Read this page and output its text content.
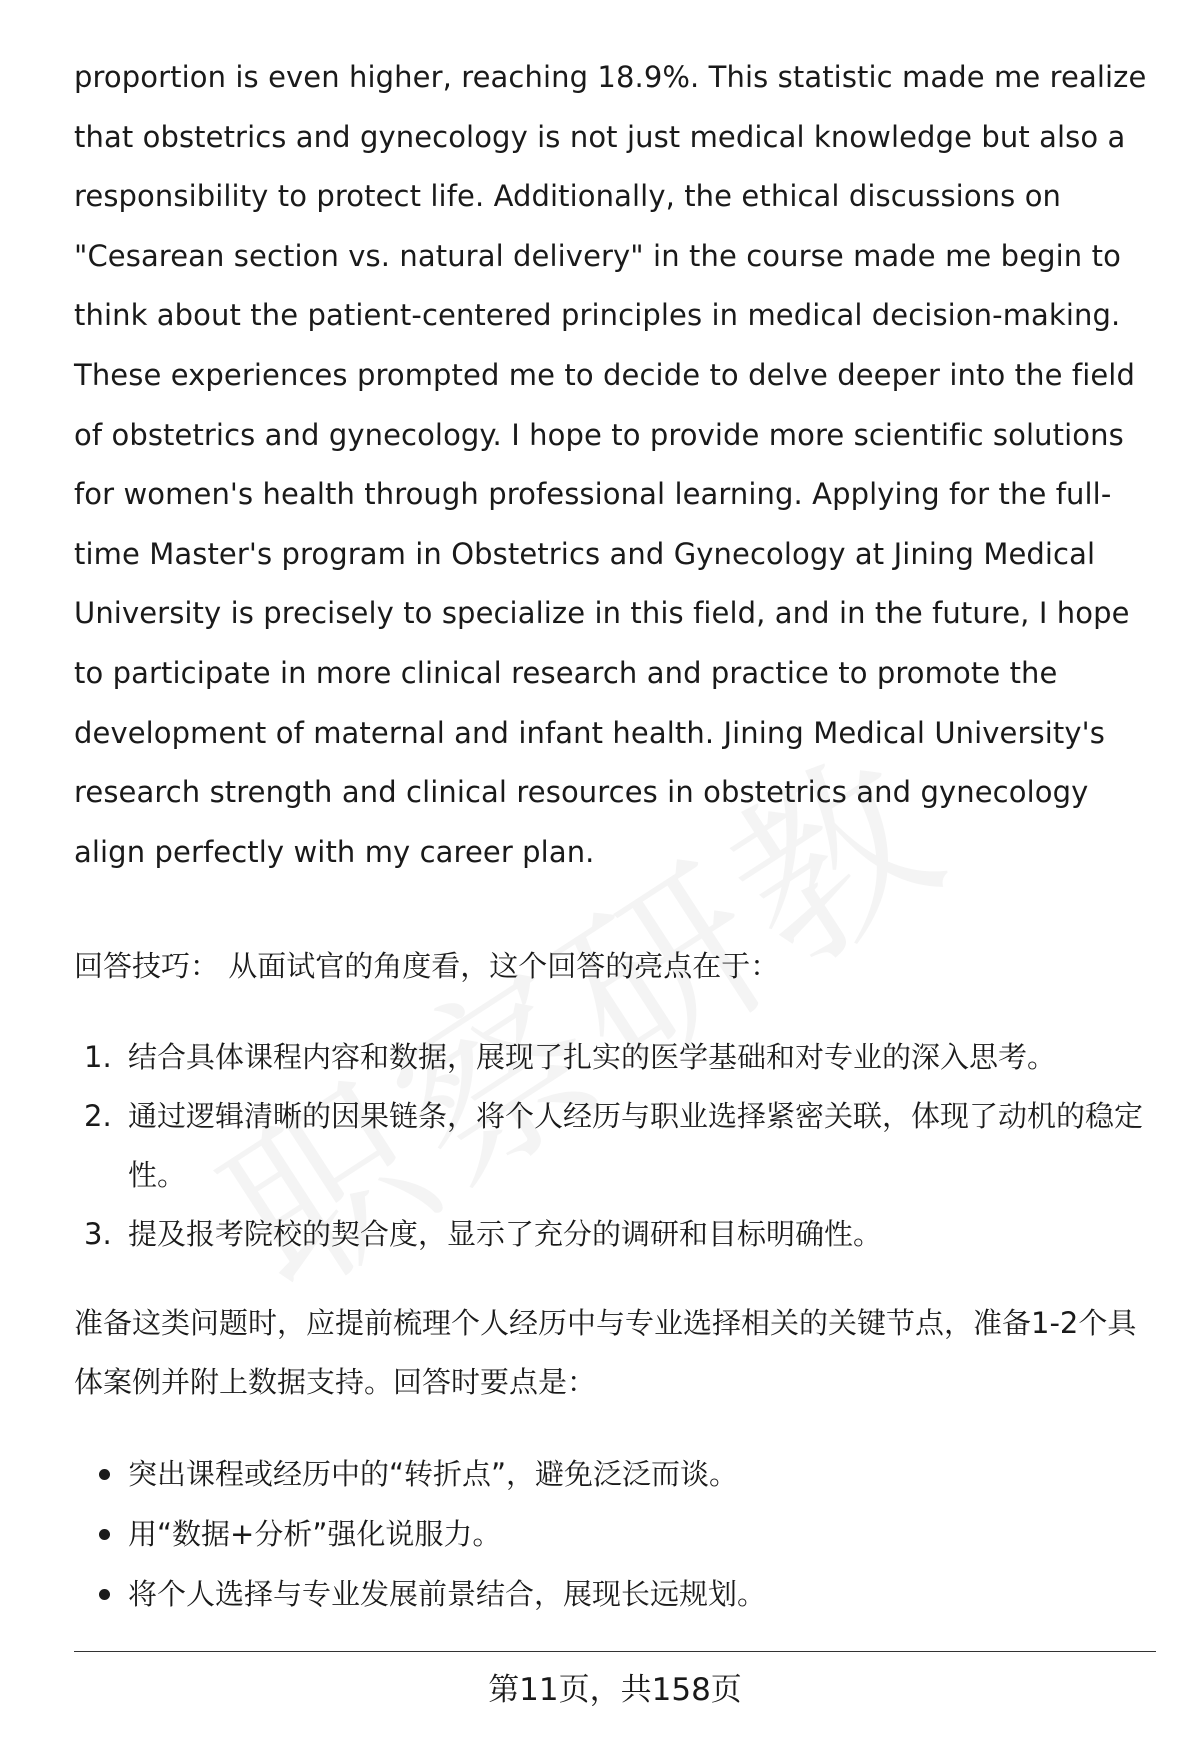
proportion is even higher, reaching 18.9%. This statistic made me realize that obstetrics and gynecology is not just medical knowledge but also a responsibility to protect life. Additionally, the ethical discussions on "Cesarean section vs. natural delivery" in the course made me begin to think about the patient-centered principles in medical decision-making. These experiences prompted me to decide to delve deeper into the field of obstetrics and gynecology. I hope to provide more scientific solutions for women's health through professional learning. Applying for the full-time Master's program in Obstetrics and Gynecology at Jining Medical University is precisely to specialize in this field, and in the future, I hope to participate in more clinical research and practice to promote the development of maternal and infant health. Jining Medical University's research strength and clinical resources in obstetrics and gynecology align perfectly with my career plan.

回答技巧： 从面试官的角度看，这个回答的亮点在于：

1. 结合具体课程内容和数据，展现了扎实的医学基础和对专业的深入思考。
2. 通过逻辑清晰的因果链条，将个人经历与职业选择紧密关联，体现了动机的稳定性。
3. 提及报考院校的契合度，显示了充分的调研和目标明确性。

准备这类问题时，应提前梳理个人经历中与专业选择相关的关键节点，准备1-2个具体案例并附上数据支持。回答时要点是：

突出课程或经历中的“转折点”，避免泛泛而谈。
用“数据+分析”强化说服力。
将个人选择与专业发展前景结合，展现长远规划。
第11页，共158页
